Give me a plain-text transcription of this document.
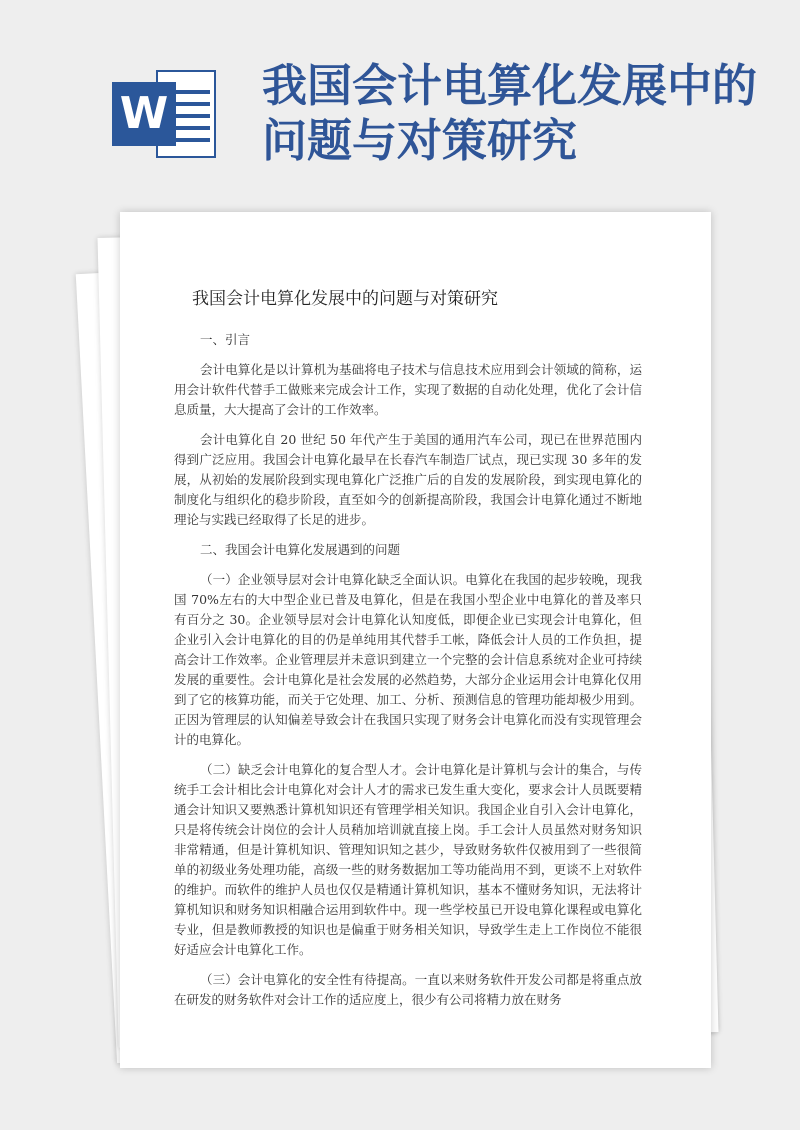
W
我国会计电算化发展中的问题与对策研究
我国会计电算化发展中的问题与对策研究

一、引言

会计电算化是以计算机为基础将电子技术与信息技术应用到会计领域的简称，运用会计软件代替手工做账来完成会计工作，实现了数据的自动化处理，优化了会计信息质量，大大提高了会计的工作效率。

会计电算化自 20 世纪 50 年代产生于美国的通用汽车公司，现已在世界范围内得到广泛应用。我国会计电算化最早在长春汽车制造厂试点，现已实现 30 多年的发展，从初始的发展阶段到实现电算化广泛推广后的自发的发展阶段，到实现电算化的制度化与组织化的稳步阶段，直至如今的创新提高阶段，我国会计电算化通过不断地理论与实践已经取得了长足的进步。

二、我国会计电算化发展遇到的问题

（一）企业领导层对会计电算化缺乏全面认识。电算化在我国的起步较晚，现我国 70%左右的大中型企业已普及电算化，但是在我国小型企业中电算化的普及率只有百分之 30。企业领导层对会计电算化认知度低，即便企业已实现会计电算化，但企业引入会计电算化的目的仍是单纯用其代替手工帐，降低会计人员的工作负担，提高会计工作效率。企业管理层并未意识到建立一个完整的会计信息系统对企业可持续发展的重要性。会计电算化是社会发展的必然趋势，大部分企业运用会计电算化仅用到了它的核算功能，而关于它处理、加工、分析、预测信息的管理功能却极少用到。正因为管理层的认知偏差导致会计在我国只实现了财务会计电算化而没有实现管理会计的电算化。

（二）缺乏会计电算化的复合型人才。会计电算化是计算机与会计的集合，与传统手工会计相比会计电算化对会计人才的需求已发生重大变化，要求会计人员既要精通会计知识又要熟悉计算机知识还有管理学相关知识。我国企业自引入会计电算化，只是将传统会计岗位的会计人员稍加培训就直接上岗。手工会计人员虽然对财务知识非常精通，但是计算机知识、管理知识知之甚少，导致财务软件仅被用到了一些很简单的初级业务处理功能，高级一些的财务数据加工等功能尚用不到，更谈不上对软件的维护。而软件的维护人员也仅仅是精通计算机知识，基本不懂财务知识，无法将计算机知识和财务知识相融合运用到软件中。现一些学校虽已开设电算化课程或电算化专业，但是教师教授的知识也是偏重于财务相关知识，导致学生走上工作岗位不能很好适应会计电算化工作。

（三）会计电算化的安全性有待提高。一直以来财务软件开发公司都是将重点放在研发的财务软件对会计工作的适应度上，很少有公司将精力放在财务
